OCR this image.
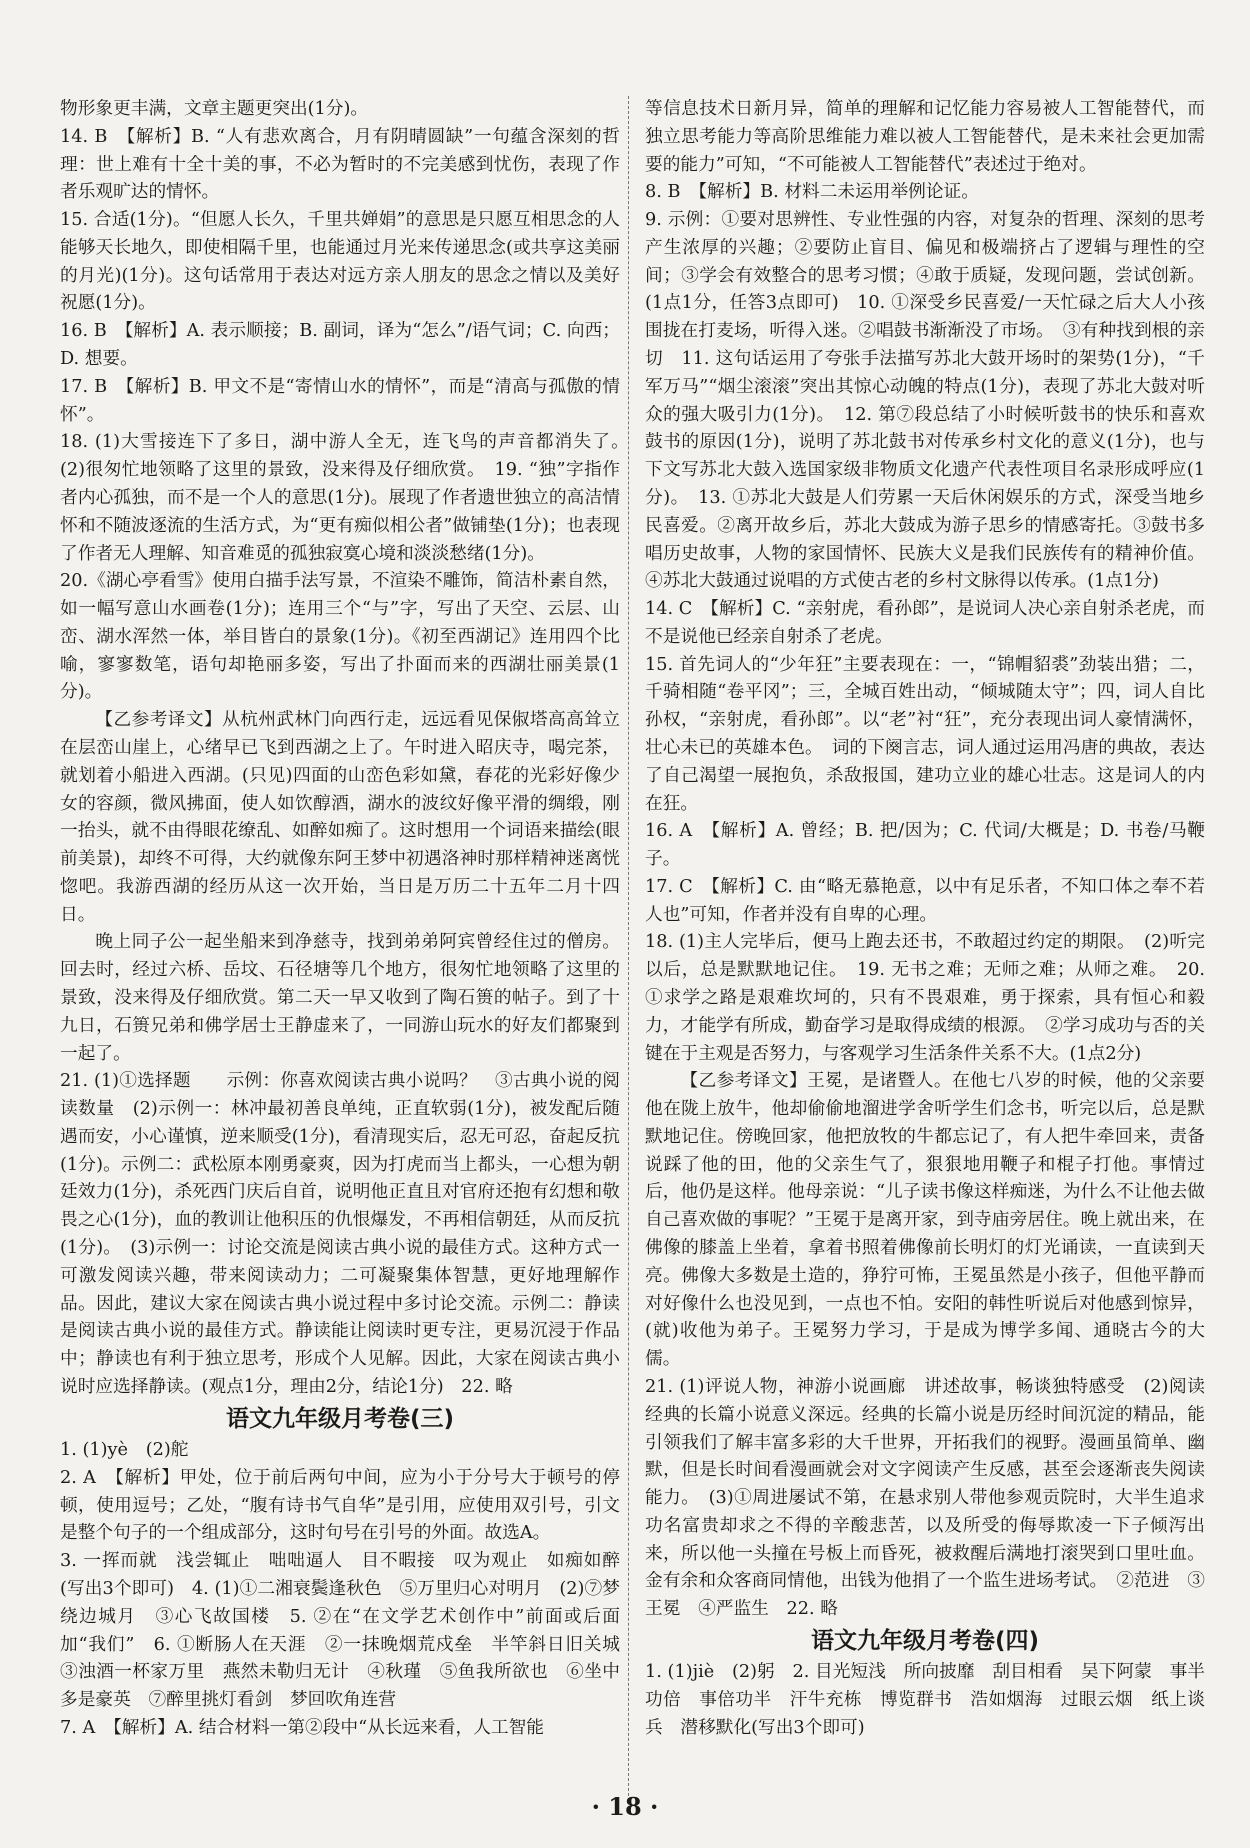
物形象更丰满，文章主题更突出(1分)。

14. B　【解析】B. “人有悲欢离合，月有阴晴圆缺”一句蕴含深刻的哲理：世上难有十全十美的事，不必为暂时的不完美感到忧伤，表现了作者乐观旷达的情怀。

15. 合适(1分)。“但愿人长久，千里共婵娟”的意思是只愿互相思念的人能够天长地久，即使相隔千里，也能通过月光来传递思念(或共享这美丽的月光)(1分)。这句话常用于表达对远方亲人朋友的思念之情以及美好祝愿(1分)。

16. B　【解析】A. 表示顺接；B. 副词，译为“怎么”/语气词；C. 向西；D. 想要。

17. B　【解析】B. 甲文不是“寄情山水的情怀”，而是“清高与孤傲的情怀”。

18. (1)大雪接连下了多日，湖中游人全无，连飞鸟的声音都消失了。　(2)很匆忙地领略了这里的景致，没来得及仔细欣赏。　19. “独”字指作者内心孤独，而不是一个人的意思(1分)。展现了作者遗世独立的高洁情怀和不随波逐流的生活方式，为“更有痴似相公者”做铺垫(1分)；也表现了作者无人理解、知音难觅的孤独寂寞心境和淡淡愁绪(1分)。

20.《湖心亭看雪》使用白描手法写景，不渲染不雕饰，简洁朴素自然，如一幅写意山水画卷(1分)；连用三个“与”字，写出了天空、云层、山峦、湖水浑然一体，举目皆白的景象(1分)。《初至西湖记》连用四个比喻，寥寥数笔，语句却艳丽多姿，写出了扑面而来的西湖壮丽美景(1分)。

【乙参考译文】从杭州武林门向西行走，远远看见保俶塔高高耸立在层峦山崖上，心绪早已飞到西湖之上了。午时进入昭庆寺，喝完茶，就划着小船进入西湖。(只见)四面的山峦色彩如黛，春花的光彩好像少女的容颜，微风拂面，使人如饮醇酒，湖水的波纹好像平滑的绸缎，刚一抬头，就不由得眼花缭乱、如醉如痴了。这时想用一个词语来描绘(眼前美景)，却终不可得，大约就像东阿王梦中初遇洛神时那样精神迷离恍惚吧。我游西湖的经历从这一次开始，当日是万历二十五年二月十四日。

晚上同子公一起坐船来到净慈寺，找到弟弟阿宾曾经住过的僧房。回去时，经过六桥、岳坟、石径塘等几个地方，很匆忙地领略了这里的景致，没来得及仔细欣赏。第二天一早又收到了陶石篑的帖子。到了十九日，石篑兄弟和佛学居士王静虚来了，一同游山玩水的好友们都聚到一起了。

21. (1)①选择题　　示例：你喜欢阅读古典小说吗？　③古典小说的阅读数量　(2)示例一：林冲最初善良单纯，正直软弱(1分)，被发配后随遇而安，小心谨慎，逆来顺受(1分)，看清现实后，忍无可忍，奋起反抗(1分)。示例二：武松原本刚勇豪爽，因为打虎而当上都头，一心想为朝廷效力(1分)，杀死西门庆后自首，说明他正直且对官府还抱有幻想和敬畏之心(1分)，血的教训让他积压的仇恨爆发，不再相信朝廷，从而反抗(1分)。　(3)示例一：讨论交流是阅读古典小说的最佳方式。这种方式一可激发阅读兴趣，带来阅读动力；二可凝聚集体智慧，更好地理解作品。因此，建议大家在阅读古典小说过程中多讨论交流。示例二：静读是阅读古典小说的最佳方式。静读能让阅读时更专注，更易沉浸于作品中；静读也有利于独立思考，形成个人见解。因此，大家在阅读古典小说时应选择静读。(观点1分，理由2分，结论1分)　22. 略

语文九年级月考卷(三)

1. (1)yè　(2)舵

2. A　【解析】甲处，位于前后两句中间，应为小于分号大于顿号的停顿，使用逗号；乙处，“腹有诗书气自华”是引用，应使用双引号，引文是整个句子的一个组成部分，这时句号在引号的外面。故选A。

3. 一挥而就　浅尝辄止　咄咄逼人　目不暇接　叹为观止　如痴如醉(写出3个即可)　4. (1)①二湘衰鬓逢秋色　⑤万里归心对明月　(2)⑦梦绕边城月　③心飞故国楼　5. ②在“在文学艺术创作中”前面或后面加“我们”　6. ①断肠人在天涯　②一抹晚烟荒戍垒　半竿斜日旧关城　③浊酒一杯家万里　燕然未勒归无计　④秋瑾　⑤鱼我所欲也　⑥坐中多是豪英　⑦醉里挑灯看剑　梦回吹角连营

7. A　【解析】A. 结合材料一第②段中“从长远来看，人工智能

等信息技术日新月异，简单的理解和记忆能力容易被人工智能替代，而独立思考能力等高阶思维能力难以被人工智能替代，是未来社会更加需要的能力”可知，“不可能被人工智能替代”表述过于绝对。

8. B　【解析】B. 材料二未运用举例论证。

9. 示例：①要对思辨性、专业性强的内容，对复杂的哲理、深刻的思考产生浓厚的兴趣；②要防止盲目、偏见和极端挤占了逻辑与理性的空间；③学会有效整合的思考习惯；④敢于质疑，发现问题，尝试创新。(1点1分，任答3点即可)　10. ①深受乡民喜爱/一天忙碌之后大人小孩围拢在打麦场，听得入迷。②唱鼓书渐渐没了市场。　③有种找到根的亲切　11. 这句话运用了夸张手法描写苏北大鼓开场时的架势(1分)，“千军万马”“烟尘滚滚”突出其惊心动魄的特点(1分)，表现了苏北大鼓对听众的强大吸引力(1分)。　12. 第⑦段总结了小时候听鼓书的快乐和喜欢鼓书的原因(1分)，说明了苏北鼓书对传承乡村文化的意义(1分)，也与下文写苏北大鼓入选国家级非物质文化遗产代表性项目名录形成呼应(1分)。　13. ①苏北大鼓是人们劳累一天后休闲娱乐的方式，深受当地乡民喜爱。②离开故乡后，苏北大鼓成为游子思乡的情感寄托。③鼓书多唱历史故事，人物的家国情怀、民族大义是我们民族传有的精神价值。④苏北大鼓通过说唱的方式使古老的乡村文脉得以传承。(1点1分)

14. C　【解析】C. “亲射虎，看孙郎”，是说词人决心亲自射杀老虎，而不是说他已经亲自射杀了老虎。

15. 首先词人的“少年狂”主要表现在：一，“锦帽貂裘”劲装出猎；二，千骑相随“卷平冈”；三，全城百姓出动，“倾城随太守”；四，词人自比孙权，“亲射虎，看孙郎”。以“老”衬“狂”，充分表现出词人豪情满怀，壮心未已的英雄本色。　词的下阕言志，词人通过运用冯唐的典故，表达了自己渴望一展抱负，杀敌报国，建功立业的雄心壮志。这是词人的内在狂。

16. A　【解析】A. 曾经；B. 把/因为；C. 代词/大概是；D. 书卷/马鞭子。

17. C　【解析】C. 由“略无慕艳意，以中有足乐者，不知口体之奉不若人也”可知，作者并没有自卑的心理。

18. (1)主人完毕后，便马上跑去还书，不敢超过约定的期限。　(2)听完以后，总是默默地记住。　19. 无书之难；无师之难；从师之难。　20. ①求学之路是艰难坎坷的，只有不畏艰难，勇于探索，具有恒心和毅力，才能学有所成，勤奋学习是取得成绩的根源。　②学习成功与否的关键在于主观是否努力，与客观学习生活条件关系不大。(1点2分)

【乙参考译文】王冕，是诸暨人。在他七八岁的时候，他的父亲要他在陇上放牛，他却偷偷地溜进学舍听学生们念书，听完以后，总是默默地记住。傍晚回家，他把放牧的牛都忘记了，有人把牛牵回来，责备说踩了他的田，他的父亲生气了，狠狠地用鞭子和棍子打他。事情过后，他仍是这样。他母亲说：“儿子读书像这样痴迷，为什么不让他去做自己喜欢做的事呢？”王冕于是离开家，到寺庙旁居住。晚上就出来，在佛像的膝盖上坐着，拿着书照着佛像前长明灯的灯光诵读，一直读到天亮。佛像大多数是土造的，狰狞可怖，王冕虽然是小孩子，但他平静而对好像什么也没见到，一点也不怕。安阳的韩性听说后对他感到惊异，(就)收他为弟子。王冕努力学习，于是成为博学多闻、通晓古今的大儒。

21. (1)评说人物，神游小说画廊　讲述故事，畅谈独特感受　(2)阅读经典的长篇小说意义深远。经典的长篇小说是历经时间沉淀的精品，能引领我们了解丰富多彩的大千世界，开拓我们的视野。漫画虽简单、幽默，但是长时间看漫画就会对文字阅读产生反感，甚至会逐渐丧失阅读能力。　(3)①周进屡试不第，在悬求别人带他参观贡院时，大半生追求功名富贵却求之不得的辛酸悲苦，以及所受的侮辱欺凌一下子倾泻出来，所以他一头撞在号板上而昏死，被救醒后满地打滚哭到口里吐血。金有余和众客商同情他，出钱为他捐了一个监生进场考试。　②范进　③王冕　④严监生　22. 略

语文九年级月考卷(四)

1. (1)jiè　(2)躬　2. 目光短浅　所向披靡　刮目相看　吴下阿蒙　事半功倍　事倍功半　汗牛充栋　博览群书　浩如烟海　过眼云烟　纸上谈兵　潜移默化(写出3个即可)

· 18 ·
